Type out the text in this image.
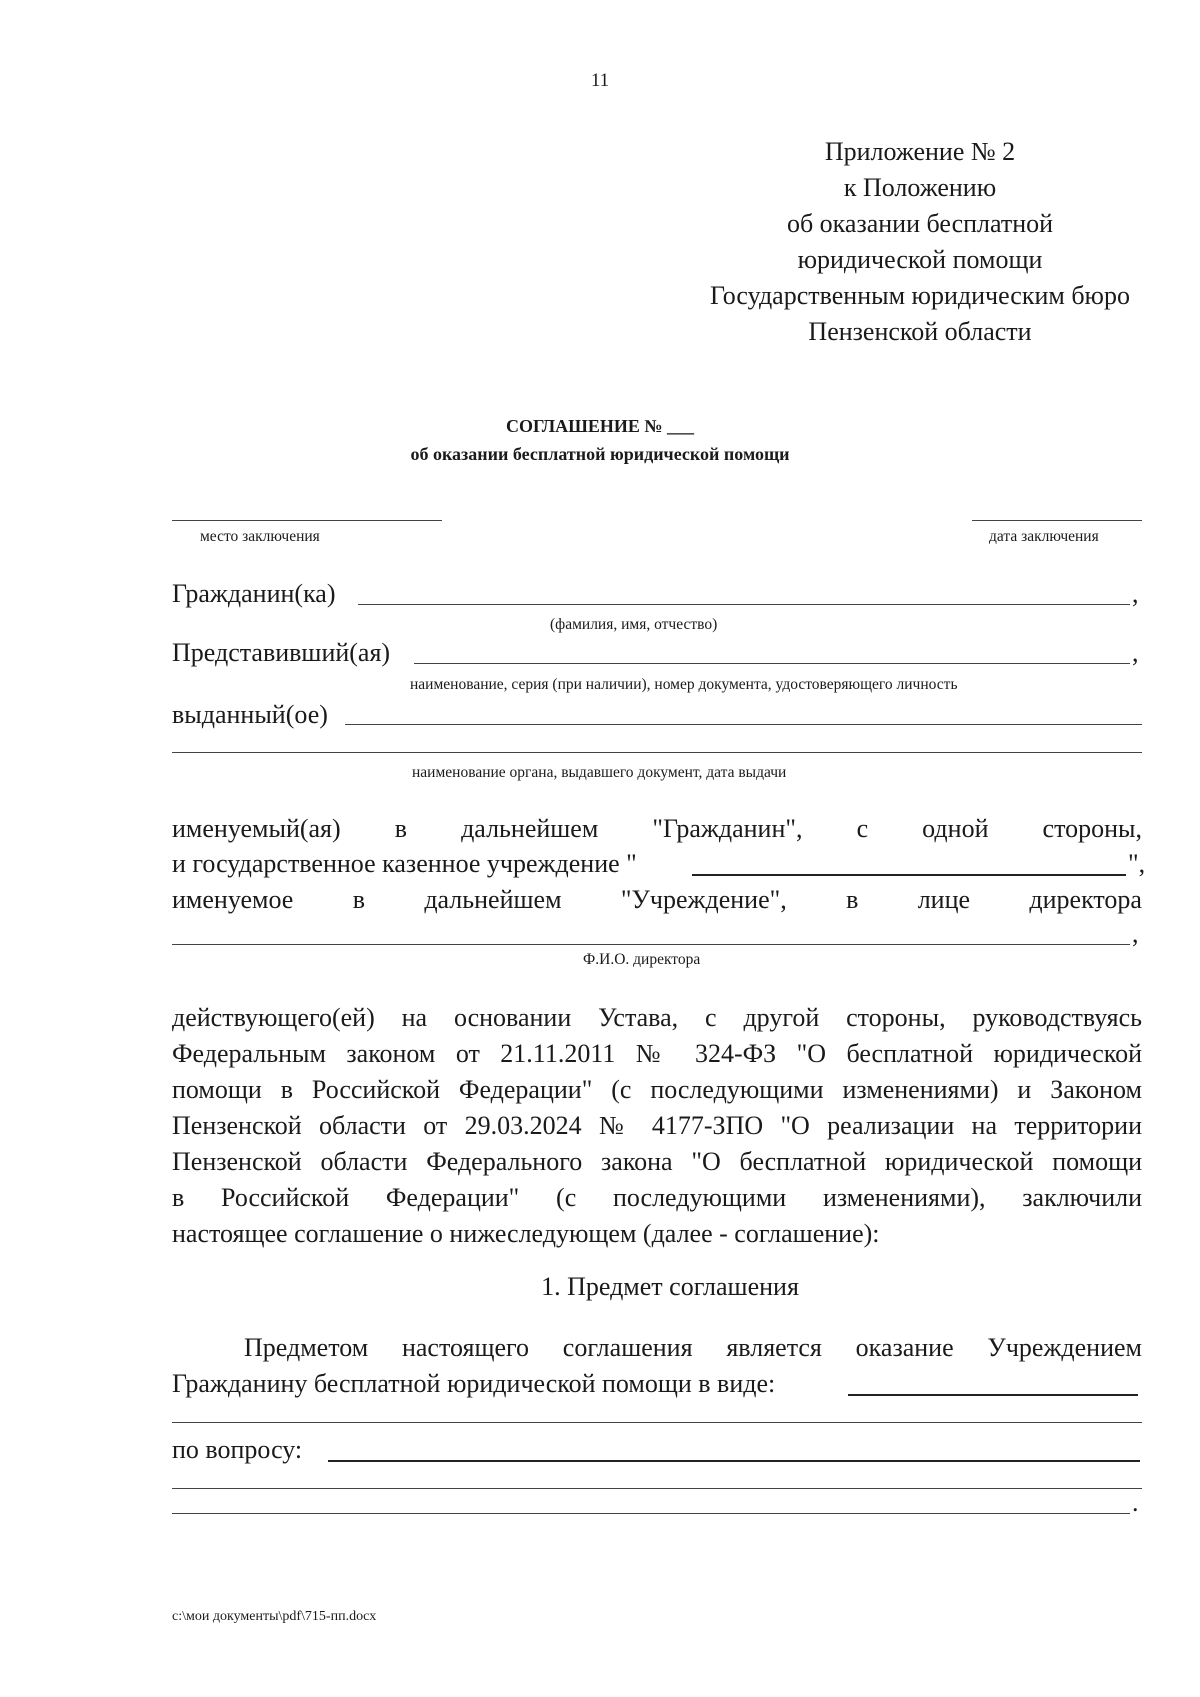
11
Приложение № 2
к Положению
об оказании бесплатной
юридической помощи
Государственным юридическим бюро
Пензенской области
СОГЛАШЕНИЕ № ___
об оказании бесплатной юридической помощи
место заключения	дата заключения
Гражданин(ка)	,
(фамилия, имя, отчество)
Представивший(ая)	,
наименование, серия (при наличии), номер документа, удостоверяющего личность
выданный(ое)
наименование органа, выдавшего документ, дата выдачи
именуемый(ая) в дальнейшем "Гражданин", с одной стороны,
и государственное казенное учреждение "	",
именуемое в дальнейшем "Учреждение", в лице директора
,
Ф.И.О. директора
действующего(ей) на основании Устава, с другой стороны, руководствуясь
Федеральным законом от 21.11.2011 № 324-ФЗ "О бесплатной юридической
помощи в Российской Федерации" (с последующими изменениями) и Законом
Пензенской области от 29.03.2024 № 4177-ЗПО "О реализации на территории
Пензенской области Федерального закона "О бесплатной юридической помощи
в Российской Федерации" (с последующими изменениями), заключили
настоящее соглашение о нижеследующем (далее - соглашение):
1. Предмет соглашения
Предметом настоящего соглашения является оказание Учреждением
Гражданину бесплатной юридической помощи в виде:
по вопросу:
.
c:\мои документы\pdf\715-пп.docx
